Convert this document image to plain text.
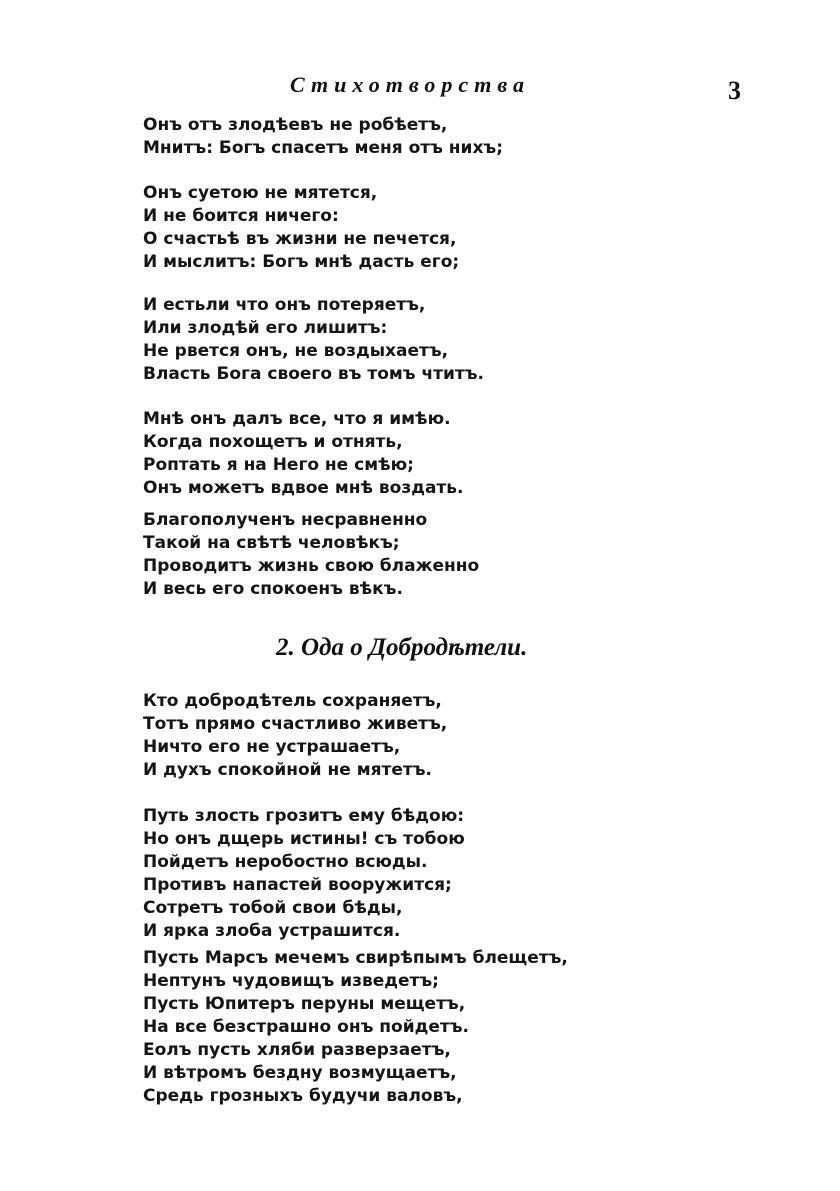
Стихотворства	3
Онъ отъ злодѣевъ не робѣетъ,
Мнитъ: Богъ спасетъ меня отъ нихъ;
Онъ суетою не мятется,
И не боится ничего:
О счастьѣ въ жизни не печется,
И мыслитъ: Богъ мнѣ дасть его;
И естьли что онъ потеряетъ,
Или злодѣй его лишитъ:
Не рвется онъ, не воздыхаетъ,
Власть Бога своего въ томъ чтитъ.
Мнѣ онъ далъ все, что я имѣю.
Когда похощетъ и отнять,
Роптать я на Него не смѣю;
Онъ можетъ вдвое мнѣ воздать.
Благополученъ несравненно
Такой на свѣтѣ человѣкъ;
Проводитъ жизнь свою блаженно
И весь его спокоенъ вѣкъ.
2. Ода о Добродѣтели.
Кто добродѣтель сохраняетъ,
Тотъ прямо счастливо живетъ,
Ничто его не устрашаетъ,
И духъ спокойной не мятетъ.
Путь злость грозитъ ему бѣдою:
Но онъ дщерь истины! съ тобою
Пойдетъ неробостно всюды.
Противъ напастей вооружится;
Сотретъ тобой свои бѣды,
И ярка злоба устрашится.
Пусть Марсъ мечемъ свирѣпымъ блещетъ,
Нептунъ чудовищъ изведетъ;
Пусть Юпитеръ перуны мещетъ,
На все безстрашно онъ пойдетъ.
Еолъ пусть хляби разверзаетъ,
И вѣтромъ бездну возмущаетъ,
Средь грозныхъ будучи валовъ,
